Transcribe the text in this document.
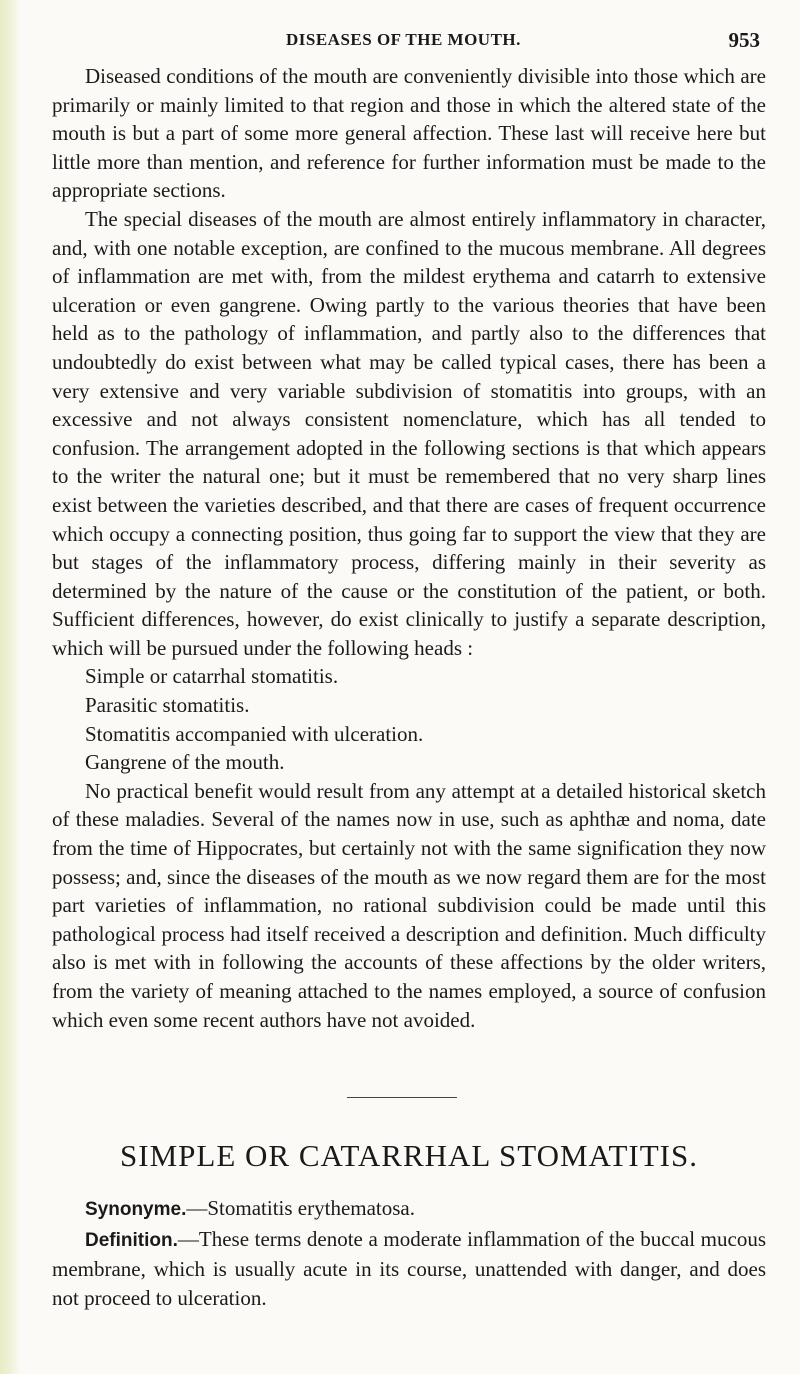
DISEASES OF THE MOUTH.	953

Diseased conditions of the mouth are conveniently divisible into those which are primarily or mainly limited to that region and those in which the altered state of the mouth is but a part of some more general affection. These last will receive here but little more than mention, and reference for further information must be made to the appropriate sections.

The special diseases of the mouth are almost entirely inflammatory in character, and, with one notable exception, are confined to the mucous membrane. All degrees of inflammation are met with, from the mildest erythema and catarrh to extensive ulceration or even gangrene. Owing partly to the various theories that have been held as to the pathology of inflammation, and partly also to the differences that undoubtedly do exist between what may be called typical cases, there has been a very extensive and very variable subdivision of stomatitis into groups, with an excessive and not always consistent nomenclature, which has all tended to confusion. The arrangement adopted in the following sections is that which appears to the writer the natural one; but it must be remembered that no very sharp lines exist between the varieties described, and that there are cases of frequent occurrence which occupy a connecting position, thus going far to support the view that they are but stages of the inflammatory process, differing mainly in their severity as determined by the nature of the cause or the constitution of the patient, or both. Sufficient differences, however, do exist clinically to justify a separate description, which will be pursued under the following heads :

Simple or catarrhal stomatitis.
Parasitic stomatitis.
Stomatitis accompanied with ulceration.
Gangrene of the mouth.

No practical benefit would result from any attempt at a detailed historical sketch of these maladies. Several of the names now in use, such as aphthæ and noma, date from the time of Hippocrates, but certainly not with the same signification they now possess; and, since the diseases of the mouth as we now regard them are for the most part varieties of inflammation, no rational subdivision could be made until this pathological process had itself received a description and definition. Much difficulty also is met with in following the accounts of these affections by the older writers, from the variety of meaning attached to the names employed, a source of confusion which even some recent authors have not avoided.

SIMPLE OR CATARRHAL STOMATITIS.

Synonyme.—Stomatitis erythematosa.

Definition.—These terms denote a moderate inflammation of the buccal mucous membrane, which is usually acute in its course, unattended with danger, and does not proceed to ulceration.
